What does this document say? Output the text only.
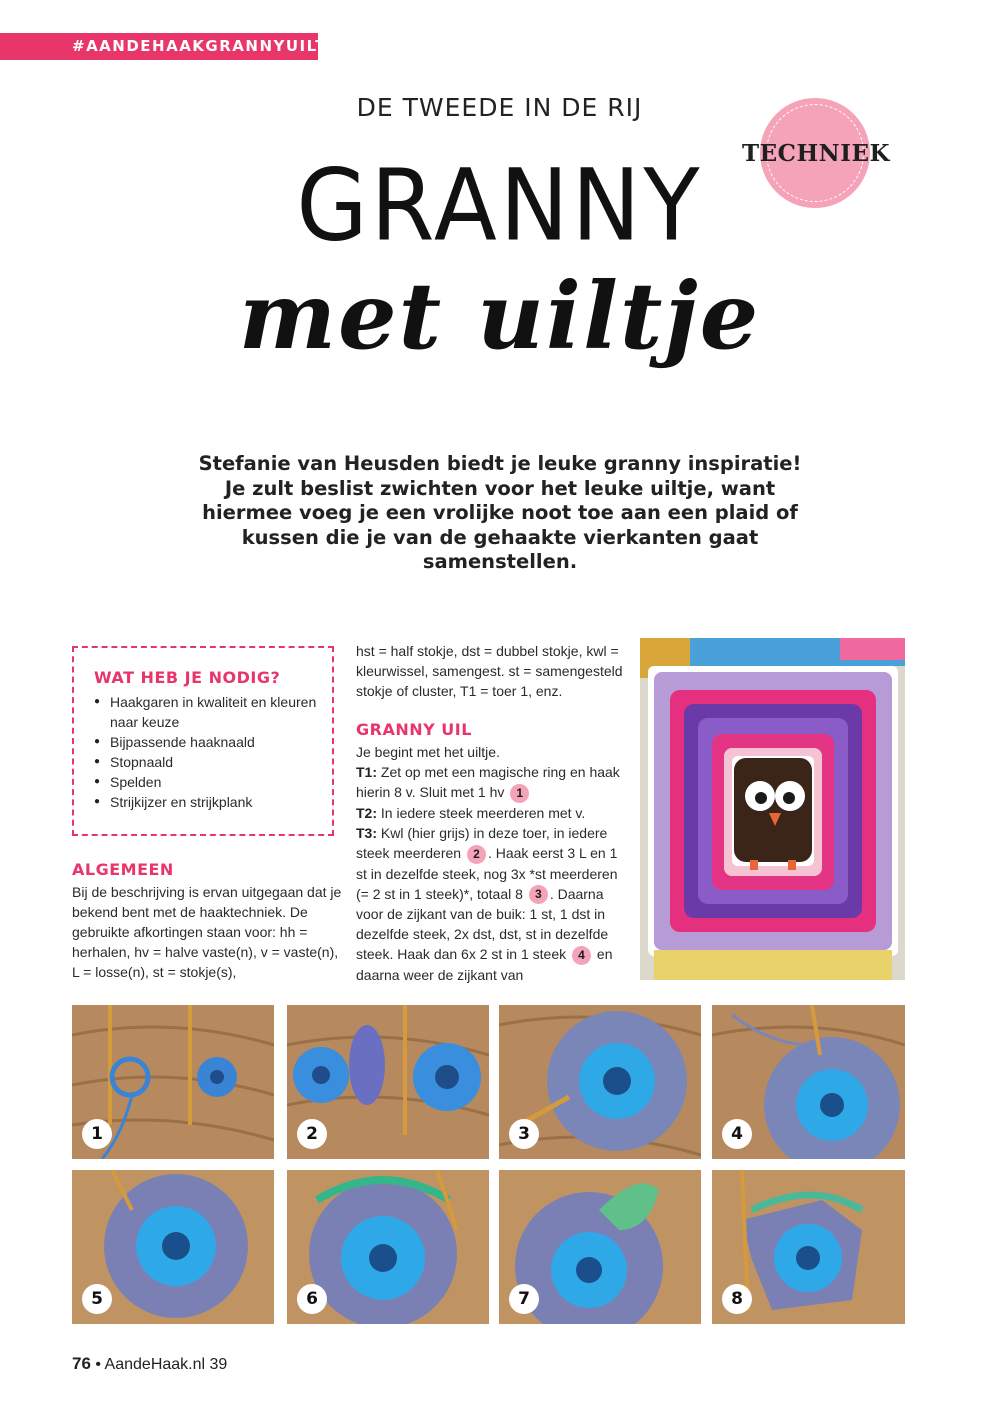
#AANDEHAAKGRANNYUILTJE
TECHNIEK
DE TWEEDE IN DE RIJ
GRANNY
met uiltje
Stefanie van Heusden biedt je leuke granny inspiratie! Je zult beslist zwichten voor het leuke uiltje, want hiermee voeg je een vrolijke noot toe aan een plaid of kussen die je van de gehaakte vierkanten gaat samenstellen.
● Haakgaren in kwaliteit en kleuren naar keuze
● Bijpassende haaknaald
● Stopnaald
● Spelden
● Strijkijzer en strijkplank
WAT HEB JE NODIG?
ALGEMEEN
Bij de beschrijving is ervan uitgegaan dat je bekend bent met de haaktechniek. De gebruikte afkortingen staan voor: hh = herhalen, hv = halve vaste(n), v = vaste(n), L = losse(n), st = stokje(s),
hst = half stokje, dst = dubbel stokje, kwl = kleurwissel, samengest. st = samengesteld stokje of cluster, T1 = toer 1, enz.
GRANNY UIL

Je begint met het uiltje.

T1: Zet op met een magische ring en haak hierin 8 v. Sluit met 1 hv 1

T2: In iedere steek meerderen met v.

T3: Kwl (hier grijs) in deze toer, in iedere steek meerderen 2 . Haak eerst 3 L en 1 st in dezelfde steek, nog 3x *st meerderen (= 2 st in 1 steek)*, totaal 8 3 . Daarna voor de zijkant van de buik: 1 st, 1 dst in dezelfde steek, 2x dst, dst, st in dezelfde steek. Haak dan 6x 2 st in 1 steek 4 en daarna weer de zijkant van

1	2	3	4
5	6	7	8
76 • AandeHaak.nl 39
